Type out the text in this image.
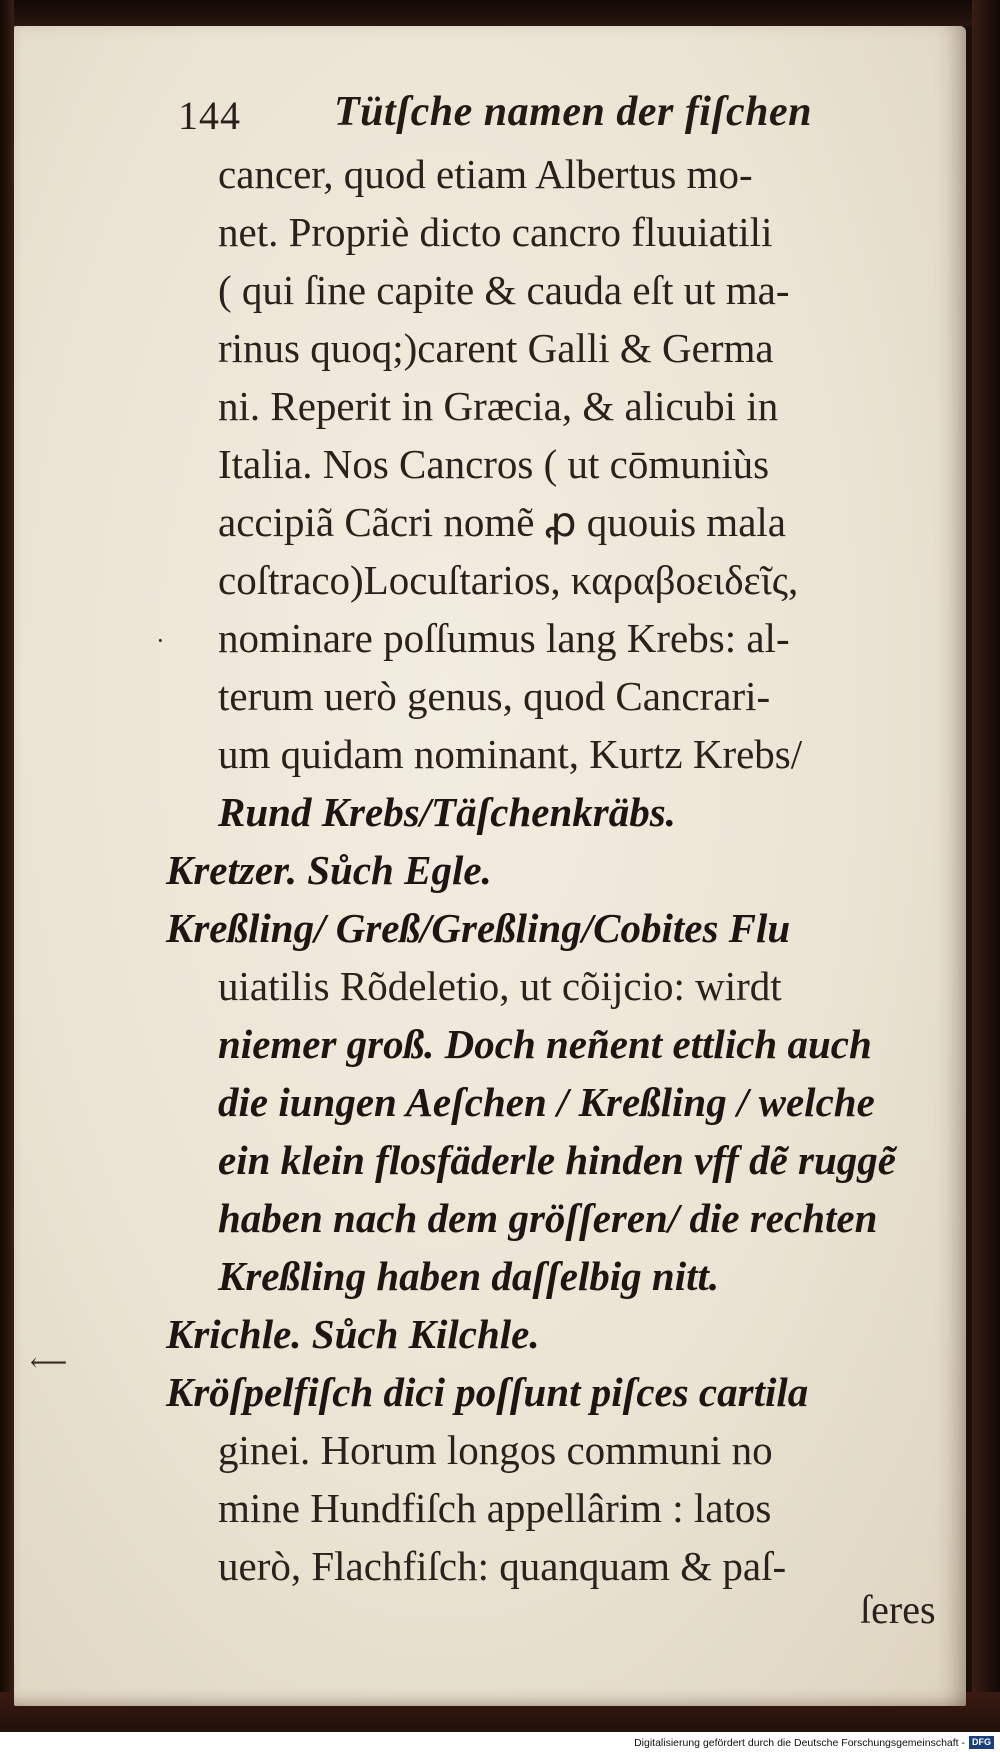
144 Tütſche namen der fiſchen
cancer, quod etiam Albertus mo-
net. Propriè dicto cancro fluuiatili
( qui ſine capite & cauda eſt ut ma-
rinus quoq;)carent Galli & Germa
ni. Reperit in Græcia, & alicubi in
Italia. Nos Cancros ( ut cōmuniùs
accipiã Cãcri nomẽ ꝓ quouis mala
coſtraco)Locuſtarios, καραβοειδεῖς,
nominare poſſumus lang Krebs: al-
terum uerò genus, quod Cancrari-
um quidam nominant, Kurtz Krebs/
Rund Krebs/Täſchenkräbs.
Kretzer. Sůch Egle.
Kreßling/ Greß/Greßling/Cobites Flu
uiatilis Rõdeletio, ut cõijcio: wirdt
niemer groß. Doch neñent ettlich auch
die iungen Aeſchen / Kreßling / welche
ein klein flosfäderle hinden vff dẽ ruggẽ
haben nach dem gröſſeren/ die rechten
Kreßling haben daſſelbig nitt.
Krichle. Sůch Kilchle.
Kröſpelfiſch dici poſſunt piſces cartila
ginei. Horum longos communi no
mine Hundfiſch appellârim : latos
uerò, Flachfiſch: quanquam & paſ-
ſeres
·
⟵
Digitalisierung gefördert durch die Deutsche Forschungsgemeinschaft - DFG
